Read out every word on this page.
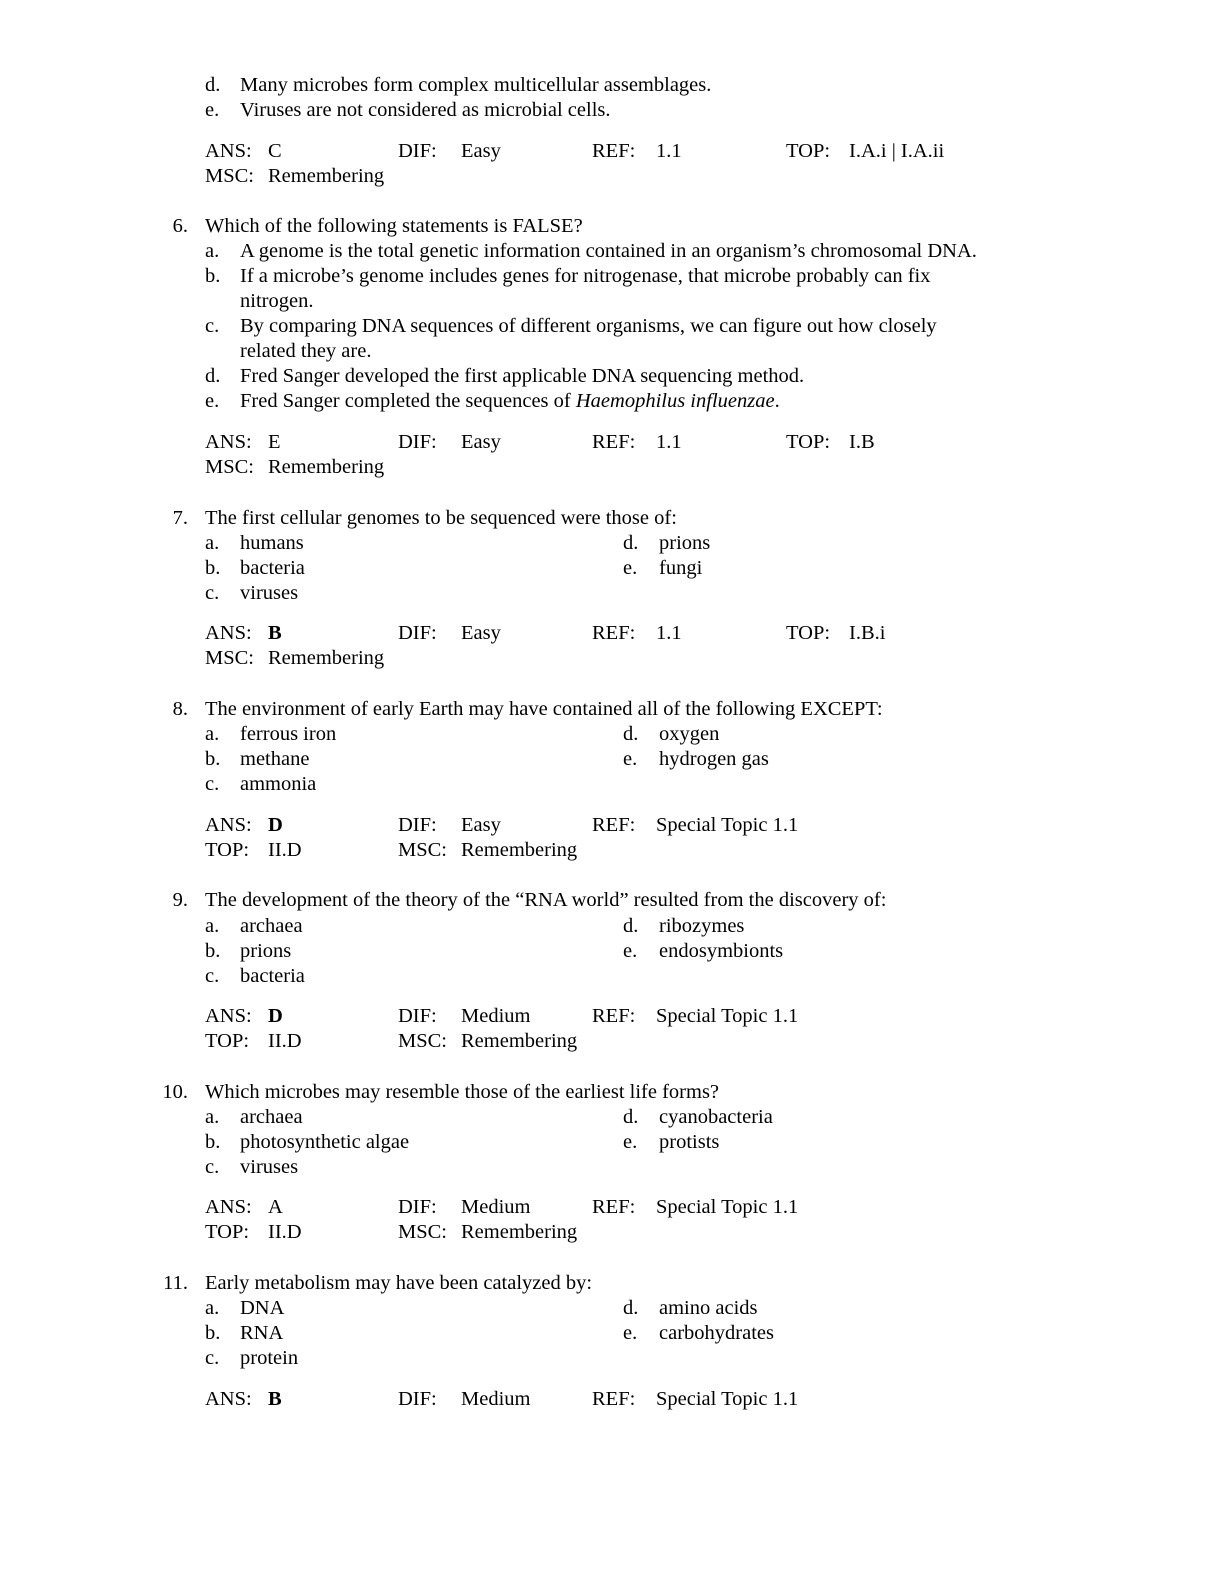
d. Many microbes form complex multicellular assemblages.
e. Viruses are not considered as microbial cells.
ANS: C	DIF: Easy	REF: 1.1	TOP: I.A.i | I.A.ii
MSC: Remembering
6. Which of the following statements is FALSE?
a. A genome is the total genetic information contained in an organism’s chromosomal DNA.
b. If a microbe’s genome includes genes for nitrogenase, that microbe probably can fix
nitrogen.
c. By comparing DNA sequences of different organisms, we can figure out how closely
related they are.
d. Fred Sanger developed the first applicable DNA sequencing method.
e. Fred Sanger completed the sequences of Haemophilus influenzae.
ANS: E	DIF: Easy	REF: 1.1	TOP: I.B
MSC: Remembering
7. The first cellular genomes to be sequenced were those of:
a. humans	d. prions
b. bacteria	e. fungi
c. viruses
ANS: B	DIF: Easy	REF: 1.1	TOP: I.B.i
MSC: Remembering
8. The environment of early Earth may have contained all of the following EXCEPT:
a. ferrous iron	d. oxygen
b. methane	e. hydrogen gas
c. ammonia
ANS: D	DIF: Easy	REF: Special Topic 1.1
TOP: II.D	MSC: Remembering
9. The development of the theory of the “RNA world” resulted from the discovery of:
a. archaea	d. ribozymes
b. prions	e. endosymbionts
c. bacteria
ANS: D	DIF: Medium	REF: Special Topic 1.1
TOP: II.D	MSC: Remembering
10. Which microbes may resemble those of the earliest life forms?
a. archaea	d. cyanobacteria
b. photosynthetic algae	e. protists
c. viruses
ANS: A	DIF: Medium	REF: Special Topic 1.1
TOP: II.D	MSC: Remembering
11. Early metabolism may have been catalyzed by:
a. DNA	d. amino acids
b. RNA	e. carbohydrates
c. protein
ANS: B	DIF: Medium	REF: Special Topic 1.1
